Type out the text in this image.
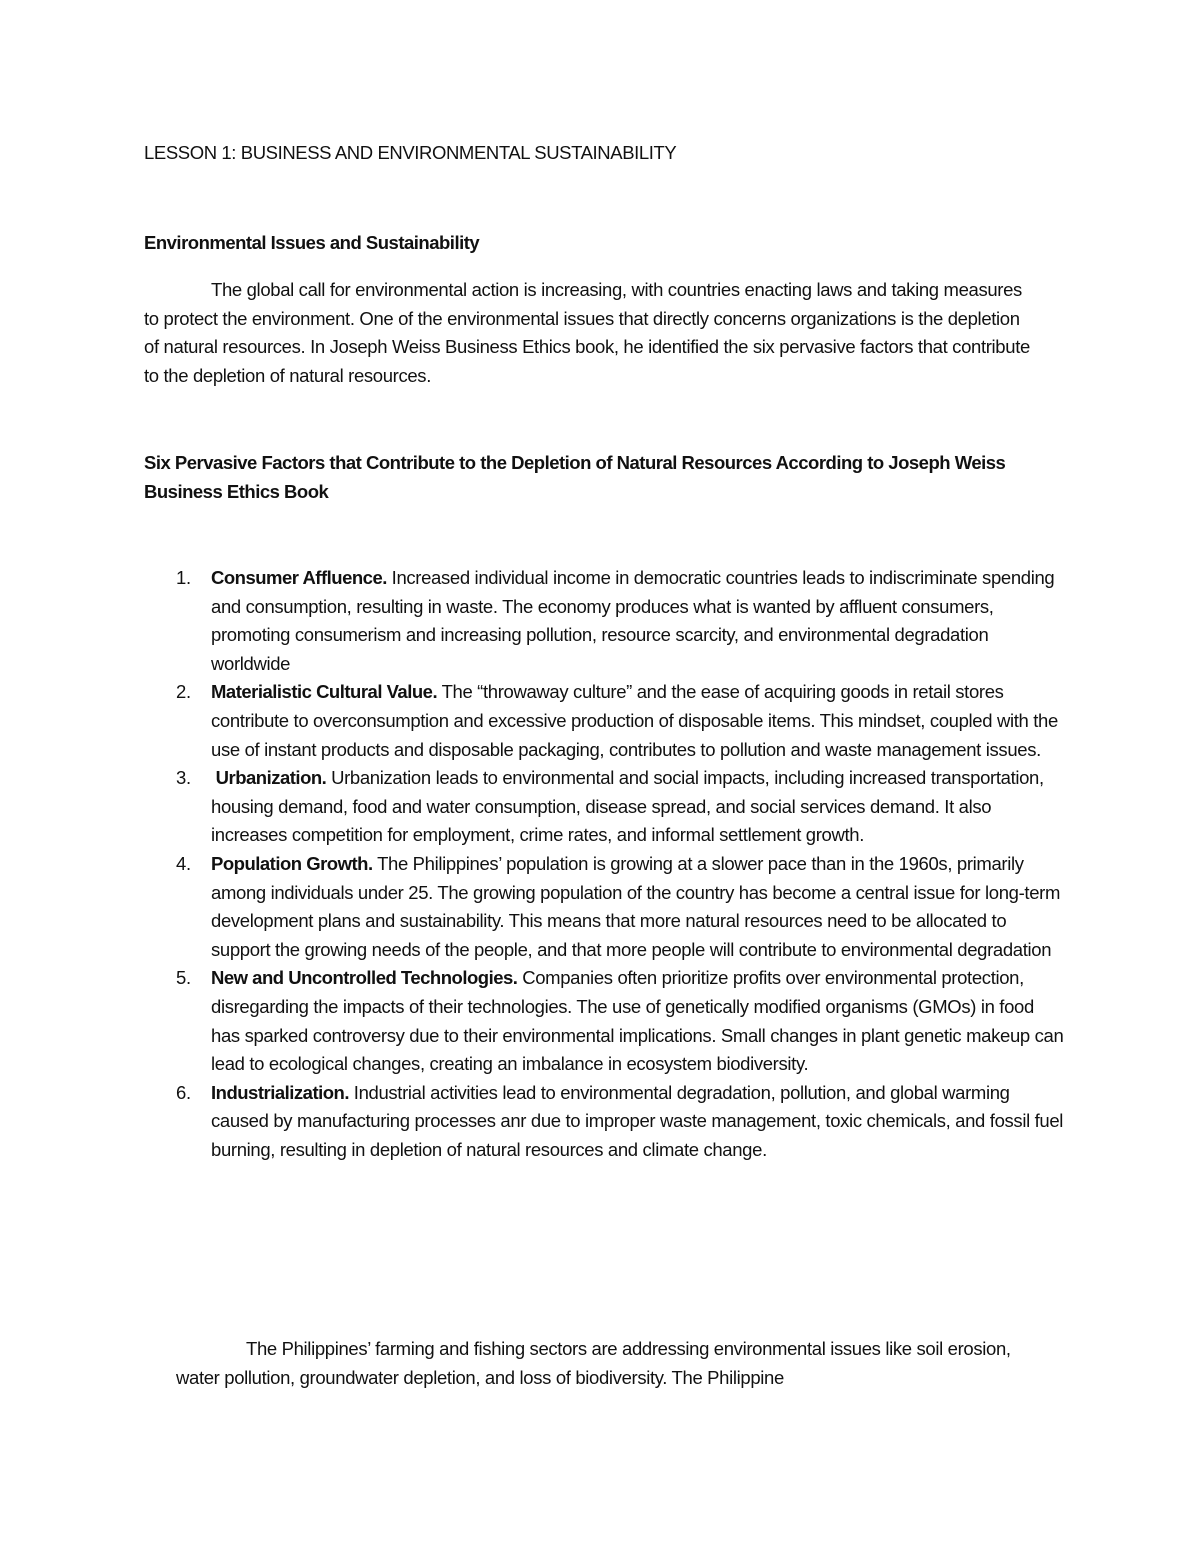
LESSON 1: BUSINESS AND ENVIRONMENTAL SUSTAINABILITY
Environmental Issues and Sustainability

The global call for environmental action is increasing, with countries enacting laws and taking measures to protect the environment. One of the environmental issues that directly concerns organizations is the depletion of natural resources. In Joseph Weiss Business Ethics book, he identified the six pervasive factors that contribute to the depletion of natural resources.

Six Pervasive Factors that Contribute to the Depletion of Natural Resources According to Joseph Weiss Business Ethics Book
1. Consumer Affluence. Increased individual income in democratic countries leads to indiscriminate spending and consumption, resulting in waste. The economy produces what is wanted by affluent consumers, promoting consumerism and increasing pollution, resource scarcity, and environmental degradation worldwide
2. Materialistic Cultural Value. The “throwaway culture” and the ease of acquiring goods in retail stores contribute to overconsumption and excessive production of disposable items. This mindset, coupled with the use of instant products and disposable packaging, contributes to pollution and waste management issues.
3. Urbanization. Urbanization leads to environmental and social impacts, including increased transportation, housing demand, food and water consumption, disease spread, and social services demand. It also increases competition for employment, crime rates, and informal settlement growth.
4. Population Growth. The Philippines’ population is growing at a slower pace than in the 1960s, primarily among individuals under 25. The growing population of the country has become a central issue for long-term development plans and sustainability. This means that more natural resources need to be allocated to support the growing needs of the people, and that more people will contribute to environmental degradation
5. New and Uncontrolled Technologies. Companies often prioritize profits over environmental protection, disregarding the impacts of their technologies. The use of genetically modified organisms (GMOs) in food has sparked controversy due to their environmental implications. Small changes in plant genetic makeup can lead to ecological changes, creating an imbalance in ecosystem biodiversity.
6. Industrialization. Industrial activities lead to environmental degradation, pollution, and global warming caused by manufacturing processes anr due to improper waste management, toxic chemicals, and fossil fuel burning, resulting in depletion of natural resources and climate change.

The Philippines’ farming and fishing sectors are addressing environmental issues like soil erosion, water pollution, groundwater depletion, and loss of biodiversity. The Philippine
